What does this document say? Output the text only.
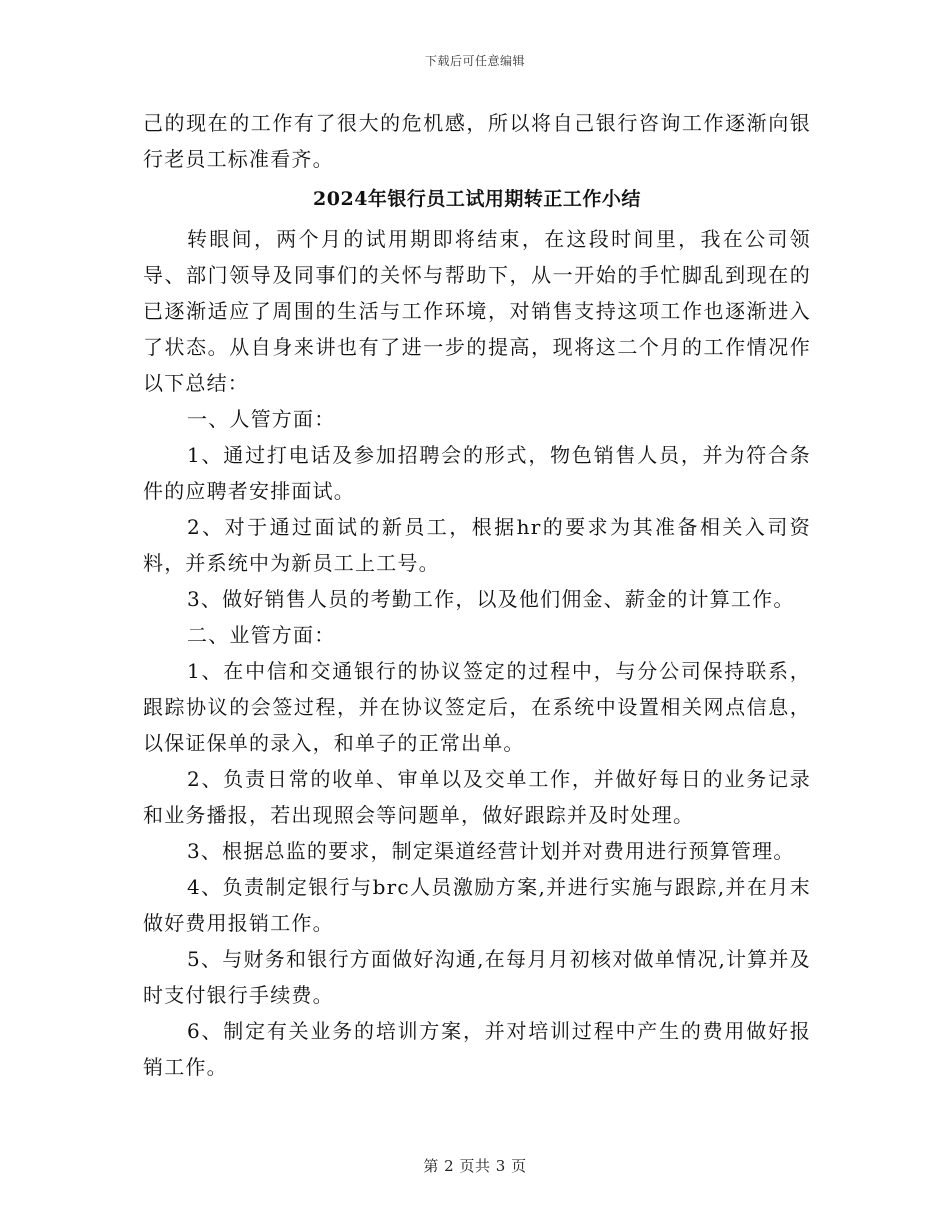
下载后可任意编辑

己的现在的工作有了很大的危机感，所以将自己银行咨询工作逐渐向银行老员工标准看齐。

2024年银行员工试用期转正工作小结

转眼间，两个月的试用期即将结束，在这段时间里，我在公司领导、部门领导及同事们的关怀与帮助下，从一开始的手忙脚乱到现在的已逐渐适应了周围的生活与工作环境，对销售支持这项工作也逐渐进入了状态。从自身来讲也有了进一步的提高，现将这二个月的工作情况作以下总结：

一、人管方面：

1、通过打电话及参加招聘会的形式，物色销售人员，并为符合条件的应聘者安排面试。

2、对于通过面试的新员工，根据hr的要求为其准备相关入司资料，并系统中为新员工上工号。

3、做好销售人员的考勤工作，以及他们佣金、薪金的计算工作。

二、业管方面：

1、在中信和交通银行的协议签定的过程中，与分公司保持联系，跟踪协议的会签过程，并在协议签定后，在系统中设置相关网点信息，以保证保单的录入，和单子的正常出单。

2、负责日常的收单、审单以及交单工作，并做好每日的业务记录和业务播报，若出现照会等问题单，做好跟踪并及时处理。

3、根据总监的要求，制定渠道经营计划并对费用进行预算管理。

4、负责制定银行与brc人员激励方案,并进行实施与跟踪,并在月末做好费用报销工作。

5、与财务和银行方面做好沟通,在每月月初核对做单情况,计算并及时支付银行手续费。

6、制定有关业务的培训方案，并对培训过程中产生的费用做好报销工作。

第 2 页共 3 页
